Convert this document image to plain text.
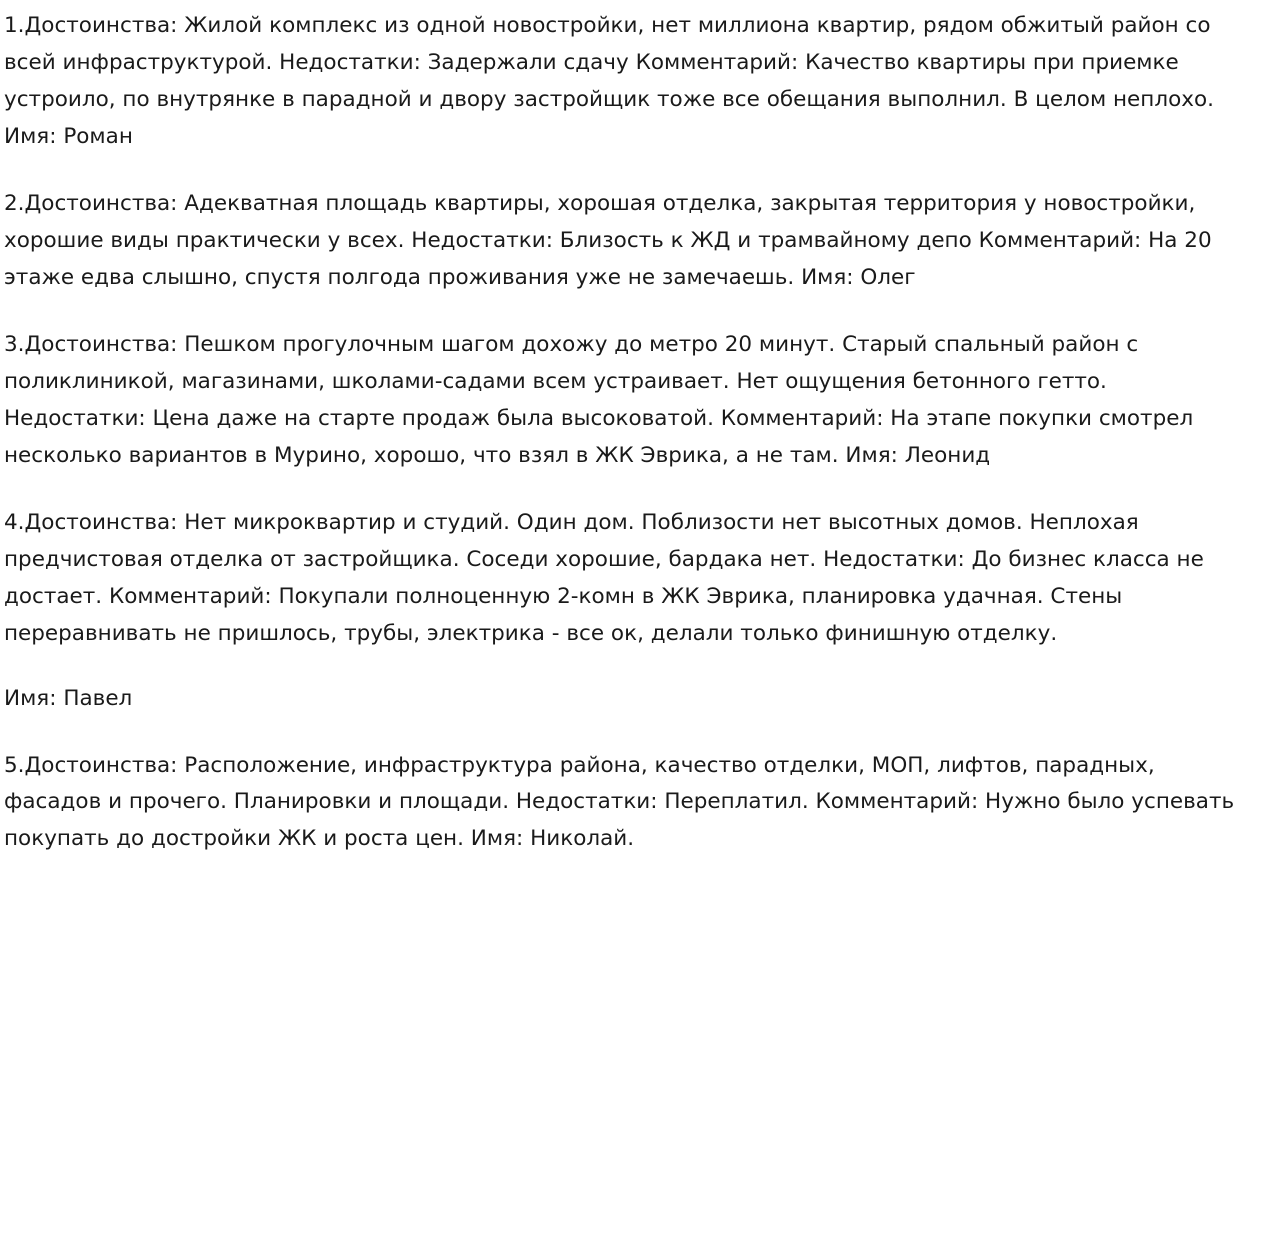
1.Достоинства: Жилой комплекс из одной новостройки, нет миллиона квартир, рядом обжитый район со всей инфраструктурой. Недостатки: Задержали сдачу Комментарий: Качество квартиры при приемке устроило, по внутрянке в парадной и двору застройщик тоже все обещания выполнил. В целом неплохо. Имя: Роман

2.Достоинства: Адекватная площадь квартиры, хорошая отделка, закрытая территория у новостройки, хорошие виды практически у всех. Недостатки: Близость к ЖД и трамвайному депо Комментарий: На 20 этаже едва слышно, спустя полгода проживания уже не замечаешь. Имя: Олег

3.Достоинства: Пешком прогулочным шагом дохожу до метро 20 минут. Старый спальный район с поликлиникой, магазинами, школами-садами всем устраивает. Нет ощущения бетонного гетто. Недостатки: Цена даже на старте продаж была высоковатой. Комментарий: На этапе покупки смотрел несколько вариантов в Мурино, хорошо, что взял в ЖК Эврика, а не там. Имя: Леонид

4.Достоинства: Нет микроквартир и студий. Один дом. Поблизости нет высотных домов. Неплохая предчистовая отделка от застройщика. Соседи хорошие, бардака нет. Недостатки: До бизнес класса не достает. Комментарий: Покупали полноценную 2-комн в ЖК Эврика, планировка удачная. Стены переравнивать не пришлось, трубы, электрика - все ок, делали только финишную отделку.

Имя: Павел

5.Достоинства: Расположение, инфраструктура района, качество отделки, МОП, лифтов, парадных, фасадов и прочего. Планировки и площади. Недостатки: Переплатил. Комментарий: Нужно было успевать покупать до достройки ЖК и роста цен. Имя: Николай.
